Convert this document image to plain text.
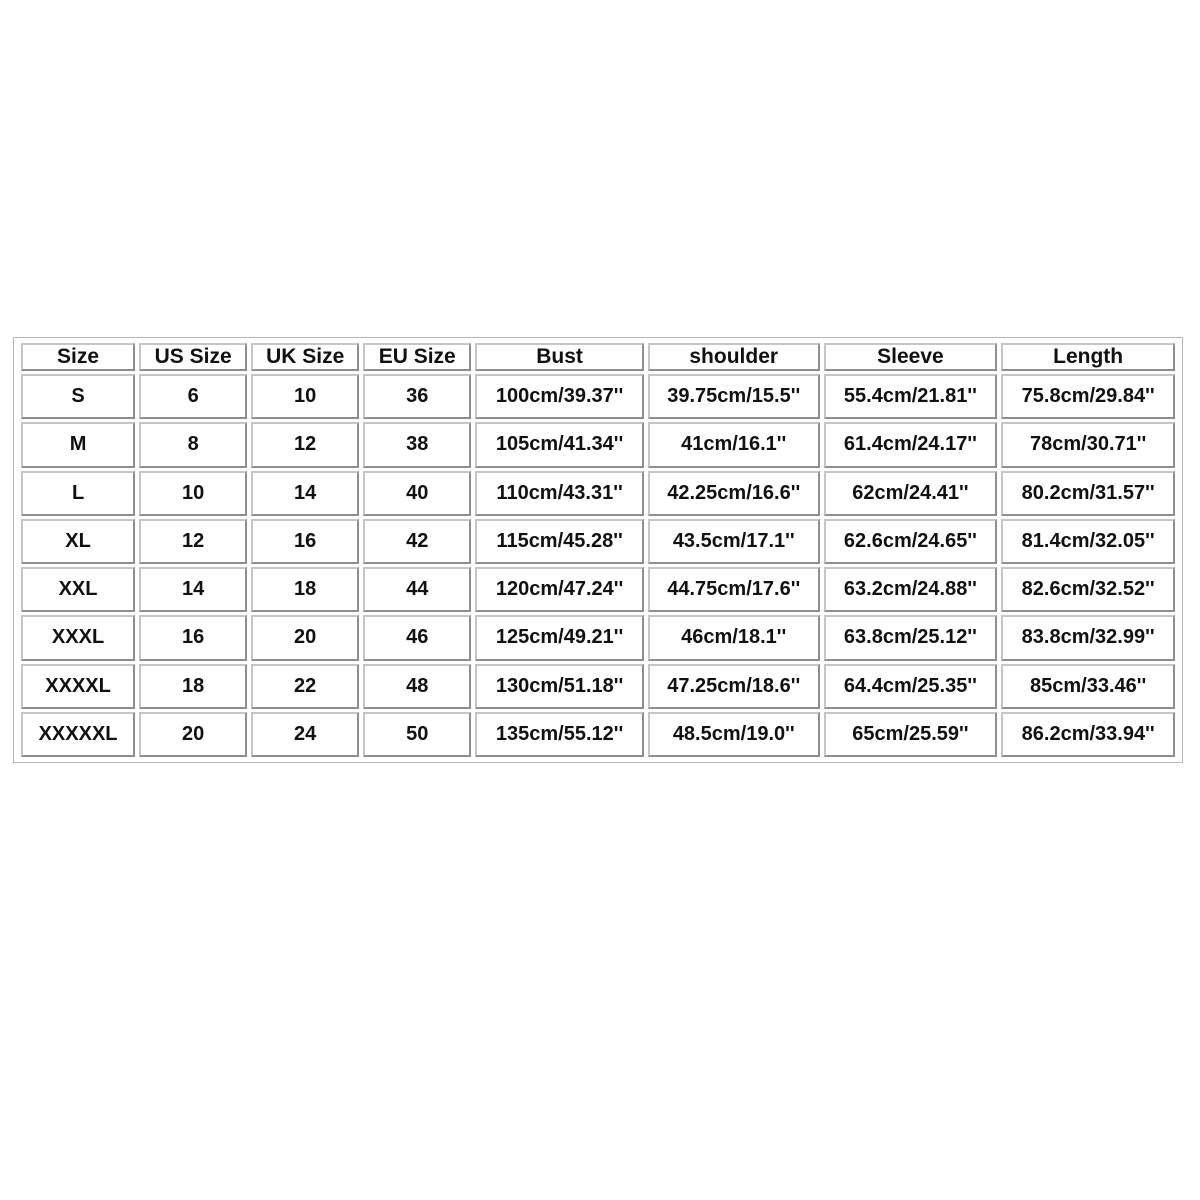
Size	US Size	UK Size	EU Size	Bust	shoulder	Sleeve	Length
S	6	10	36	100cm/39.37''	39.75cm/15.5''	55.4cm/21.81''	75.8cm/29.84''
M	8	12	38	105cm/41.34''	41cm/16.1''	61.4cm/24.17''	78cm/30.71''
L	10	14	40	110cm/43.31''	42.25cm/16.6''	62cm/24.41''	80.2cm/31.57''
XL	12	16	42	115cm/45.28''	43.5cm/17.1''	62.6cm/24.65''	81.4cm/32.05''
XXL	14	18	44	120cm/47.24''	44.75cm/17.6''	63.2cm/24.88''	82.6cm/32.52''
XXXL	16	20	46	125cm/49.21''	46cm/18.1''	63.8cm/25.12''	83.8cm/32.99''
XXXXL	18	22	48	130cm/51.18''	47.25cm/18.6''	64.4cm/25.35''	85cm/33.46''
XXXXXL	20	24	50	135cm/55.12''	48.5cm/19.0''	65cm/25.59''	86.2cm/33.94''
